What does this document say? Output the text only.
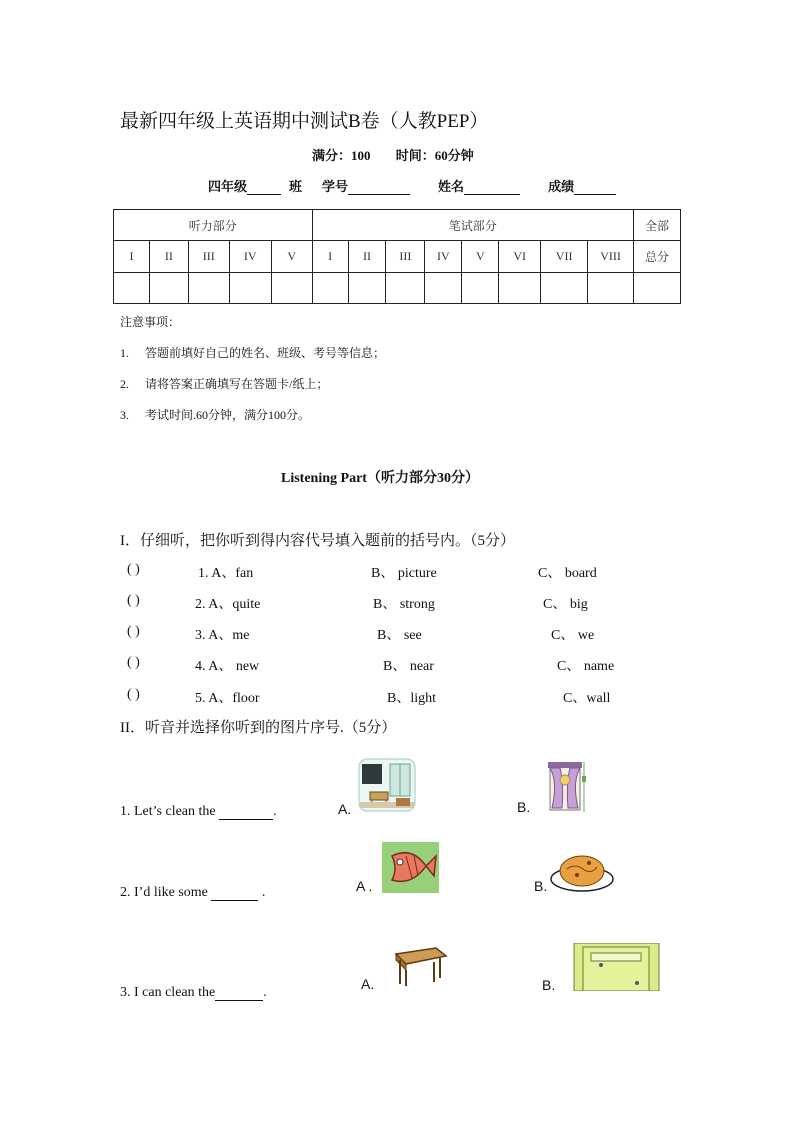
最新四年级上英语期中测试B卷（人教PEP）
满分：100 时间：60分钟
四年级	班 学号	姓名	成绩
听力部分					笔试部分								全部
I	II	III	IV	V	I	II	III	IV	V	VI	VII	VIII	总分

注意事项：
1. 答题前填好自己的姓名、班级、考号等信息；
2. 请将答案正确填写在答题卡/纸上；
3. 考试时间.60分钟，满分100分。
Listening Part（听力部分30分）
I．仔细听，把你听到得内容代号填入题前的括号内。（5分）
( )	1. A、fan	B、 picture	C、 board
( )	2. A、quite	B、 strong	C、 big
( )	3. A、me	B、 see	C、 we
( )	4. A、 new	B、 near	C、 name
( )	5. A、floor	B、light	C、wall
II．听音并选择你听到的图片序号.（5分）
1. Let’s clean the	.	A.	B.
2. I’d like some	.	A .	B.
3. I can clean the	.
A.	B.
